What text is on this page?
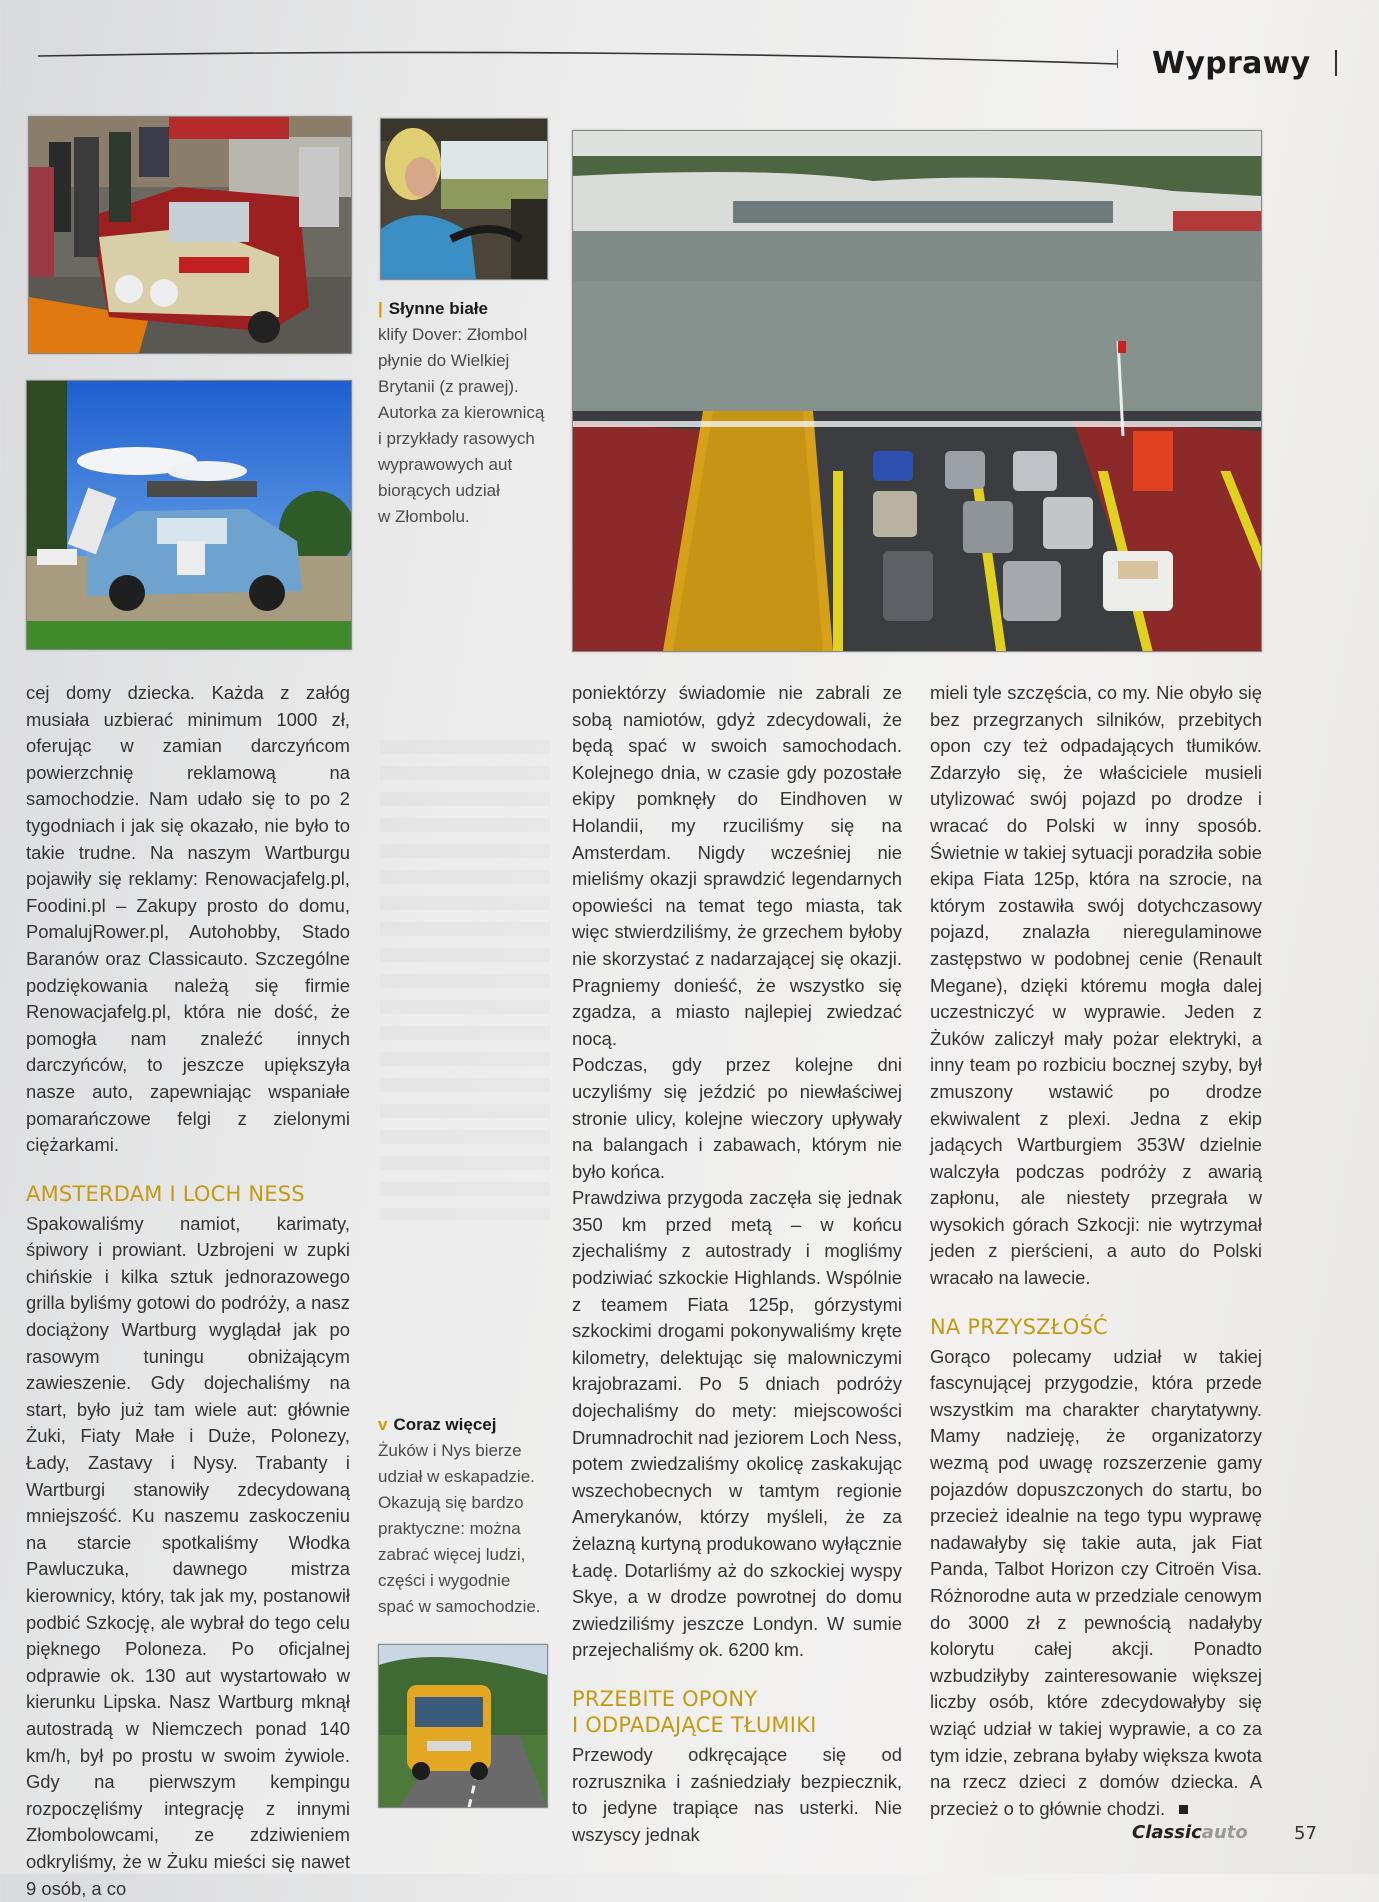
Wyprawy
| Słynne białe
klify Dover: Złombol
płynie do Wielkiej
Brytanii (z prawej).
Autorka za kierownicą
i przykłady rasowych
wyprawowych aut
biorących udział
w Złombolu.

cej domy dziecka. Każda z załóg musiała uzbierać minimum 1000 zł, oferując w zamian darczyńcom powierzchnię reklamową na samochodzie. Nam udało się to po 2 tygodniach i jak się okazało, nie było to takie trudne. Na naszym Wartburgu pojawiły się reklamy: Renowacjafelg.pl, Foodini.pl – Zakupy prosto do domu, PomalujRower.pl, Autohobby, Stado Baranów oraz Classicauto. Szczególne podziękowania należą się firmie Renowacjafelg.pl, która nie dość, że pomogła nam znaleźć innych darczyńców, to jeszcze upiększyła nasze auto, zapewniając wspaniałe pomarańczowe felgi z zielonymi ciężarkami.

AMSTERDAM I LOCH NESS

Spakowaliśmy namiot, karimaty, śpiwory i prowiant. Uzbrojeni w zupki chińskie i kilka sztuk jednorazowego grilla byliśmy gotowi do podróży, a nasz dociążony Wartburg wyglądał jak po rasowym tuningu obniżającym zawieszenie. Gdy dojechaliśmy na start, było już tam wiele aut: głównie Żuki, Fiaty Małe i Duże, Polonezy, Łady, Zastavy i Nysy. Trabanty i Wartburgi stanowiły zdecydowaną mniejszość. Ku naszemu zaskoczeniu na starcie spotkaliśmy Włodka Pawluczuka, dawnego mistrza kierownicy, który, tak jak my, postanowił podbić Szkocję, ale wybrał do tego celu pięknego Poloneza. Po oficjalnej odprawie ok. 130 aut wystartowało w kierunku Lipska. Nasz Wartburg mknął autostradą w Niemczech ponad 140 km/h, był po prostu w swoim żywiole. Gdy na pierwszym kempingu rozpoczęliśmy integrację z innymi Złombolowcami, ze zdziwieniem odkryliśmy, że w Żuku mieści się nawet 9 osób, a co

v Coraz więcej
Żuków i Nys bierze
udział w eskapadzie.
Okazują się bardzo
praktyczne: można
zabrać więcej ludzi,
części i wygodnie
spać w samochodzie.

poniektórzy świadomie nie zabrali ze sobą namiotów, gdyż zdecydowali, że będą spać w swoich samochodach. Kolejnego dnia, w czasie gdy pozostałe ekipy pomknęły do Eindhoven w Holandii, my rzuciliśmy się na Amsterdam. Nigdy wcześniej nie mieliśmy okazji sprawdzić legendarnych opowieści na temat tego miasta, tak więc stwierdziliśmy, że grzechem byłoby nie skorzystać z nadarzającej się okazji. Pragniemy donieść, że wszystko się zgadza, a miasto najlepiej zwiedzać nocą.

Podczas, gdy przez kolejne dni uczyliśmy się jeździć po niewłaściwej stronie ulicy, kolejne wieczory upływały na balangach i zabawach, którym nie było końca.

Prawdziwa przygoda zaczęła się jednak 350 km przed metą – w końcu zjechaliśmy z autostrady i mogliśmy podziwiać szkockie Highlands. Wspólnie z teamem Fiata 125p, górzystymi szkockimi drogami pokonywaliśmy kręte kilometry, delektując się malowniczymi krajobrazami. Po 5 dniach podróży dojechaliśmy do mety: miejscowości Drumnadrochit nad jeziorem Loch Ness, potem zwiedzaliśmy okolicę zaskakując wszechobecnych w tamtym regionie Amerykanów, którzy myśleli, że za żelazną kurtyną produkowano wyłącznie Ładę. Dotarliśmy aż do szkockiej wyspy Skye, a w drodze powrotnej do domu zwiedziliśmy jeszcze Londyn. W sumie przejechaliśmy ok. 6200 km.

PRZEBITE OPONY
I ODPADAJĄCE TŁUMIKI

Przewody odkręcające się od rozrusznika i zaśniedziały bezpiecznik, to jedyne trapiące nas usterki. Nie wszyscy jednak

mieli tyle szczęścia, co my. Nie obyło się bez przegrzanych silników, przebitych opon czy też odpadających tłumików. Zdarzyło się, że właściciele musieli utylizować swój pojazd po drodze i wracać do Polski w inny sposób. Świetnie w takiej sytuacji poradziła sobie ekipa Fiata 125p, która na szrocie, na którym zostawiła swój dotychczasowy pojazd, znalazła nieregulaminowe zastępstwo w podobnej cenie (Renault Megane), dzięki któremu mogła dalej uczestniczyć w wyprawie. Jeden z Żuków zaliczył mały pożar elektryki, a inny team po rozbiciu bocznej szyby, był zmuszony wstawić po drodze ekwiwalent z plexi. Jedna z ekip jadących Wartburgiem 353W dzielnie walczyła podczas podróży z awarią zapłonu, ale niestety przegrała w wysokich górach Szkocji: nie wytrzymał jeden z pierścieni, a auto do Polski wracało na lawecie.

NA PRZYSZŁOŚĆ

Gorąco polecamy udział w takiej fascynującej przygodzie, która przede wszystkim ma charakter charytatywny. Mamy nadzieję, że organizatorzy wezmą pod uwagę rozszerzenie gamy pojazdów dopuszczonych do startu, bo przecież idealnie na tego typu wyprawę nadawałyby się takie auta, jak Fiat Panda, Talbot Horizon czy Citroën Visa. Różnorodne auta w przedziale cenowym do 3000 zł z pewnością nadałyby kolorytu całej akcji. Ponadto wzbudziłyby zainteresowanie większej liczby osób, które zdecydowałyby się wziąć udział w takiej wyprawie, a co za tym idzie, zebrana byłaby większa kwota na rzecz dzieci z domów dziecka. A przecież o to głównie chodzi.

Classicauto	57
